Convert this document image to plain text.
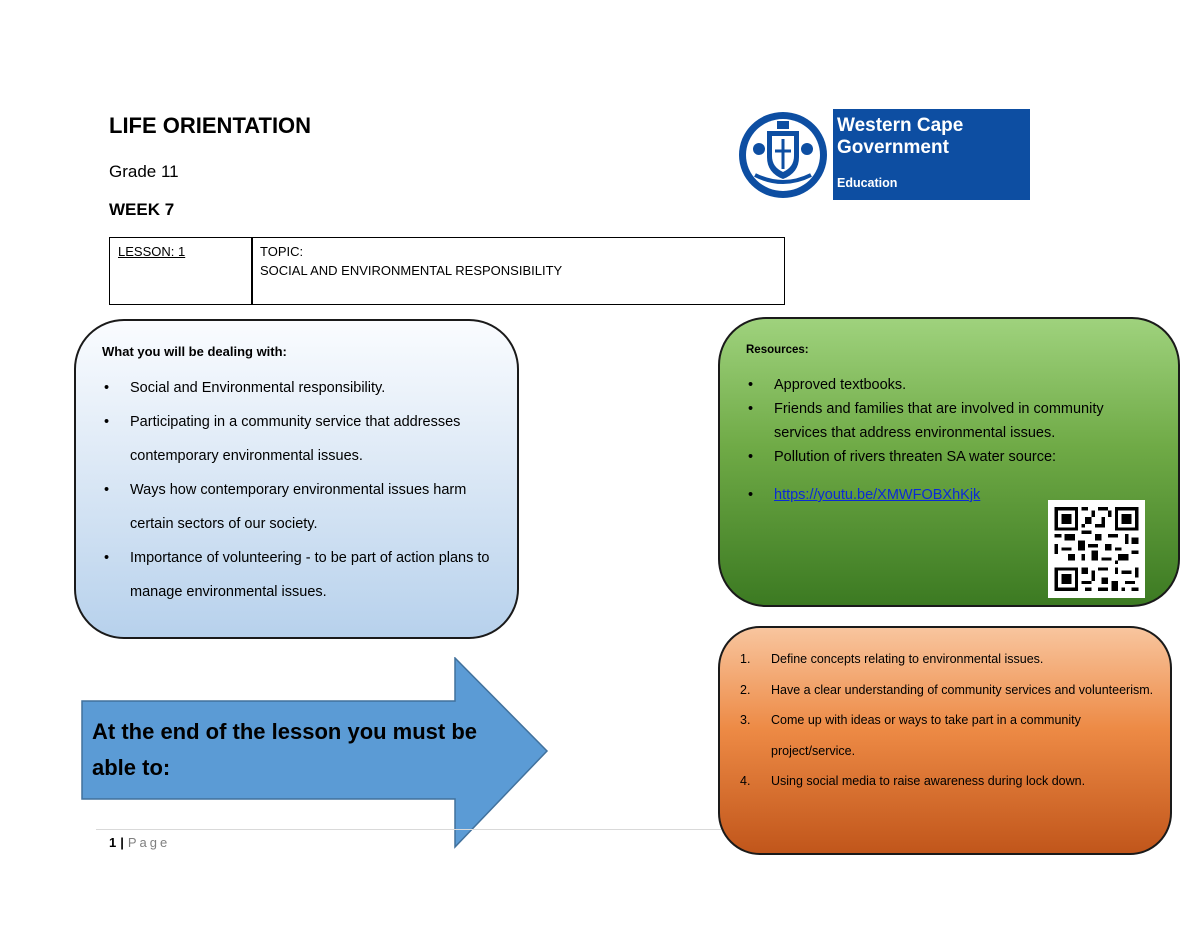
LIFE ORIENTATION
Grade 11
WEEK 7
Western Cape
Government
Education
LESSON: 1	TOPIC:
SOCIAL AND ENVIRONMENTAL RESPONSIBILITY
What you will be dealing with:
• Social and Environmental responsibility.
• Participating in a community service that addresses contemporary environmental issues.
• Ways how contemporary environmental issues harm certain sectors of our society.
• Importance of volunteering - to be part of action plans to manage environmental issues.
Resources:
• Approved textbooks.
• Friends and families that are involved in community services that address environmental issues.
• Pollution of rivers threaten SA water source:
• https://youtu.be/XMWFOBXhKjk
At the end of the lesson you must be able to:
1. Define concepts relating to environmental issues.
2. Have a clear understanding of community services and volunteerism.
3. Come up with ideas or ways to take part in a community project/service.
4. Using social media to raise awareness during lock down.
1 | Page
